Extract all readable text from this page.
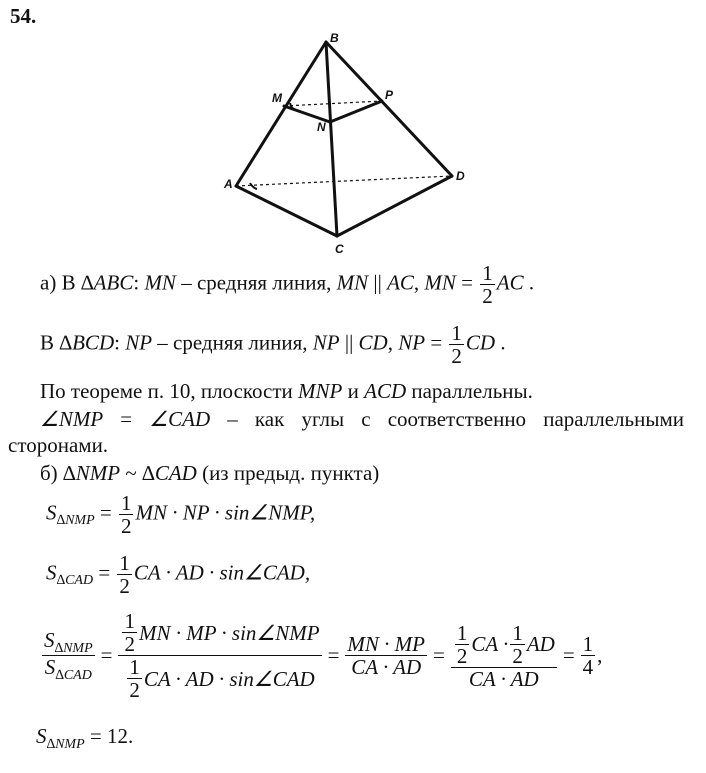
54.
B
M	P
N
A
D
C
а) В ∆ABC: MN – средняя линия, MN || AC, MN = $\frac{1}{2}$ AC .
В ∆BCD: NP – средняя линия, NP || CD, NP = $\frac{1}{2}$ CD .
По теореме п. 10, плоскости MNP и ACD параллельны.
∠NMP = ∠CAD – как углы с соответственно параллельными
сторонами.
б) ∆NMP ~ ∆CAD (из предыд. пункта)
$S_{\Delta NMP} = \frac{1}{2}$ MN · NP · sin∠NMP,
$S_{\Delta CAD} = \frac{1}{2}$ CA · AD · sin∠CAD,
$\frac{S_{\Delta NMP}}{S_{\Delta CAD}} = \frac{\frac{1}{2} MN \cdot MP \cdot \sin\angle NMP}{\frac{1}{2} CA \cdot AD \cdot \sin\angle CAD} = \frac{MN \cdot MP}{CA \cdot AD} = \frac{\frac{1}{2} CA \cdot \frac{1}{2} AD}{CA \cdot AD} = \frac{1}{4}$ ,
$S_{\Delta NMP} = 12$.
